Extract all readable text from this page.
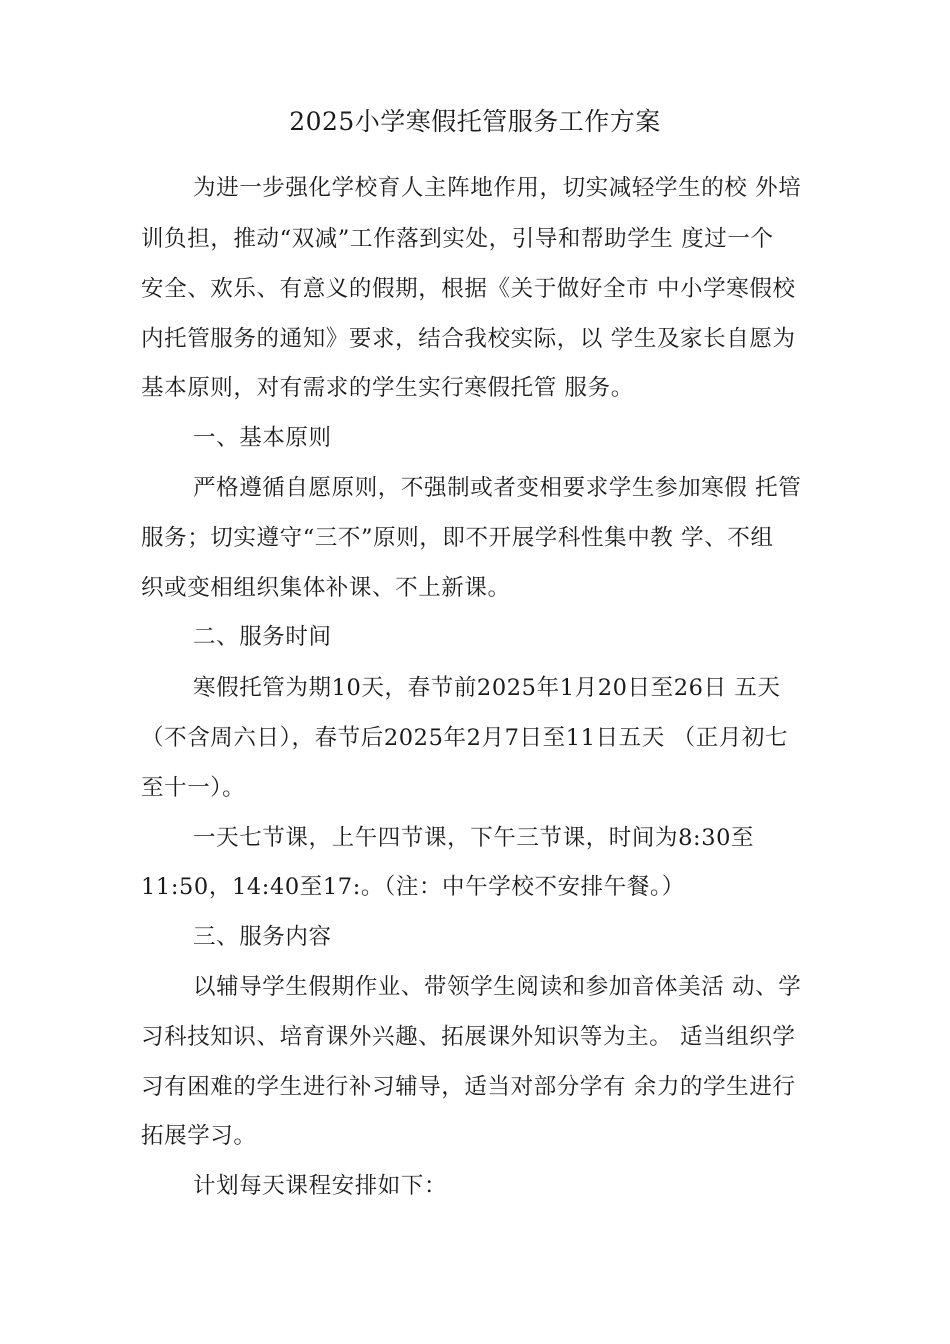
2025小学寒假托管服务工作方案
为进一步强化学校育人主阵地作用，切实减轻学生的校 外培
训负担，推动“双减”工作落到实处，引导和帮助学生 度过一个
安全、欢乐、有意义的假期，根据《关于做好全市 中小学寒假校
内托管服务的通知》要求，结合我校实际，以 学生及家长自愿为
基本原则，对有需求的学生实行寒假托管 服务。
一、基本原则
严格遵循自愿原则，不强制或者变相要求学生参加寒假 托管
服务；切实遵守“三不”原则，即不开展学科性集中教 学、不组
织或变相组织集体补课、不上新课。
二、服务时间
寒假托管为期10天，春节前2025年1月20日至26日 五天
（不含周六日），春节后2025年2月7日至11日五天 （正月初七
至十一）。
一天七节课，上午四节课，下午三节课，时间为8:30至
11:50，14:40至17:。（注：中午学校不安排午餐。）
三、服务内容
以辅导学生假期作业、带领学生阅读和参加音体美活 动、学
习科技知识、培育课外兴趣、拓展课外知识等为主。 适当组织学
习有困难的学生进行补习辅导，适当对部分学有 余力的学生进行
拓展学习。
计划每天课程安排如下：
